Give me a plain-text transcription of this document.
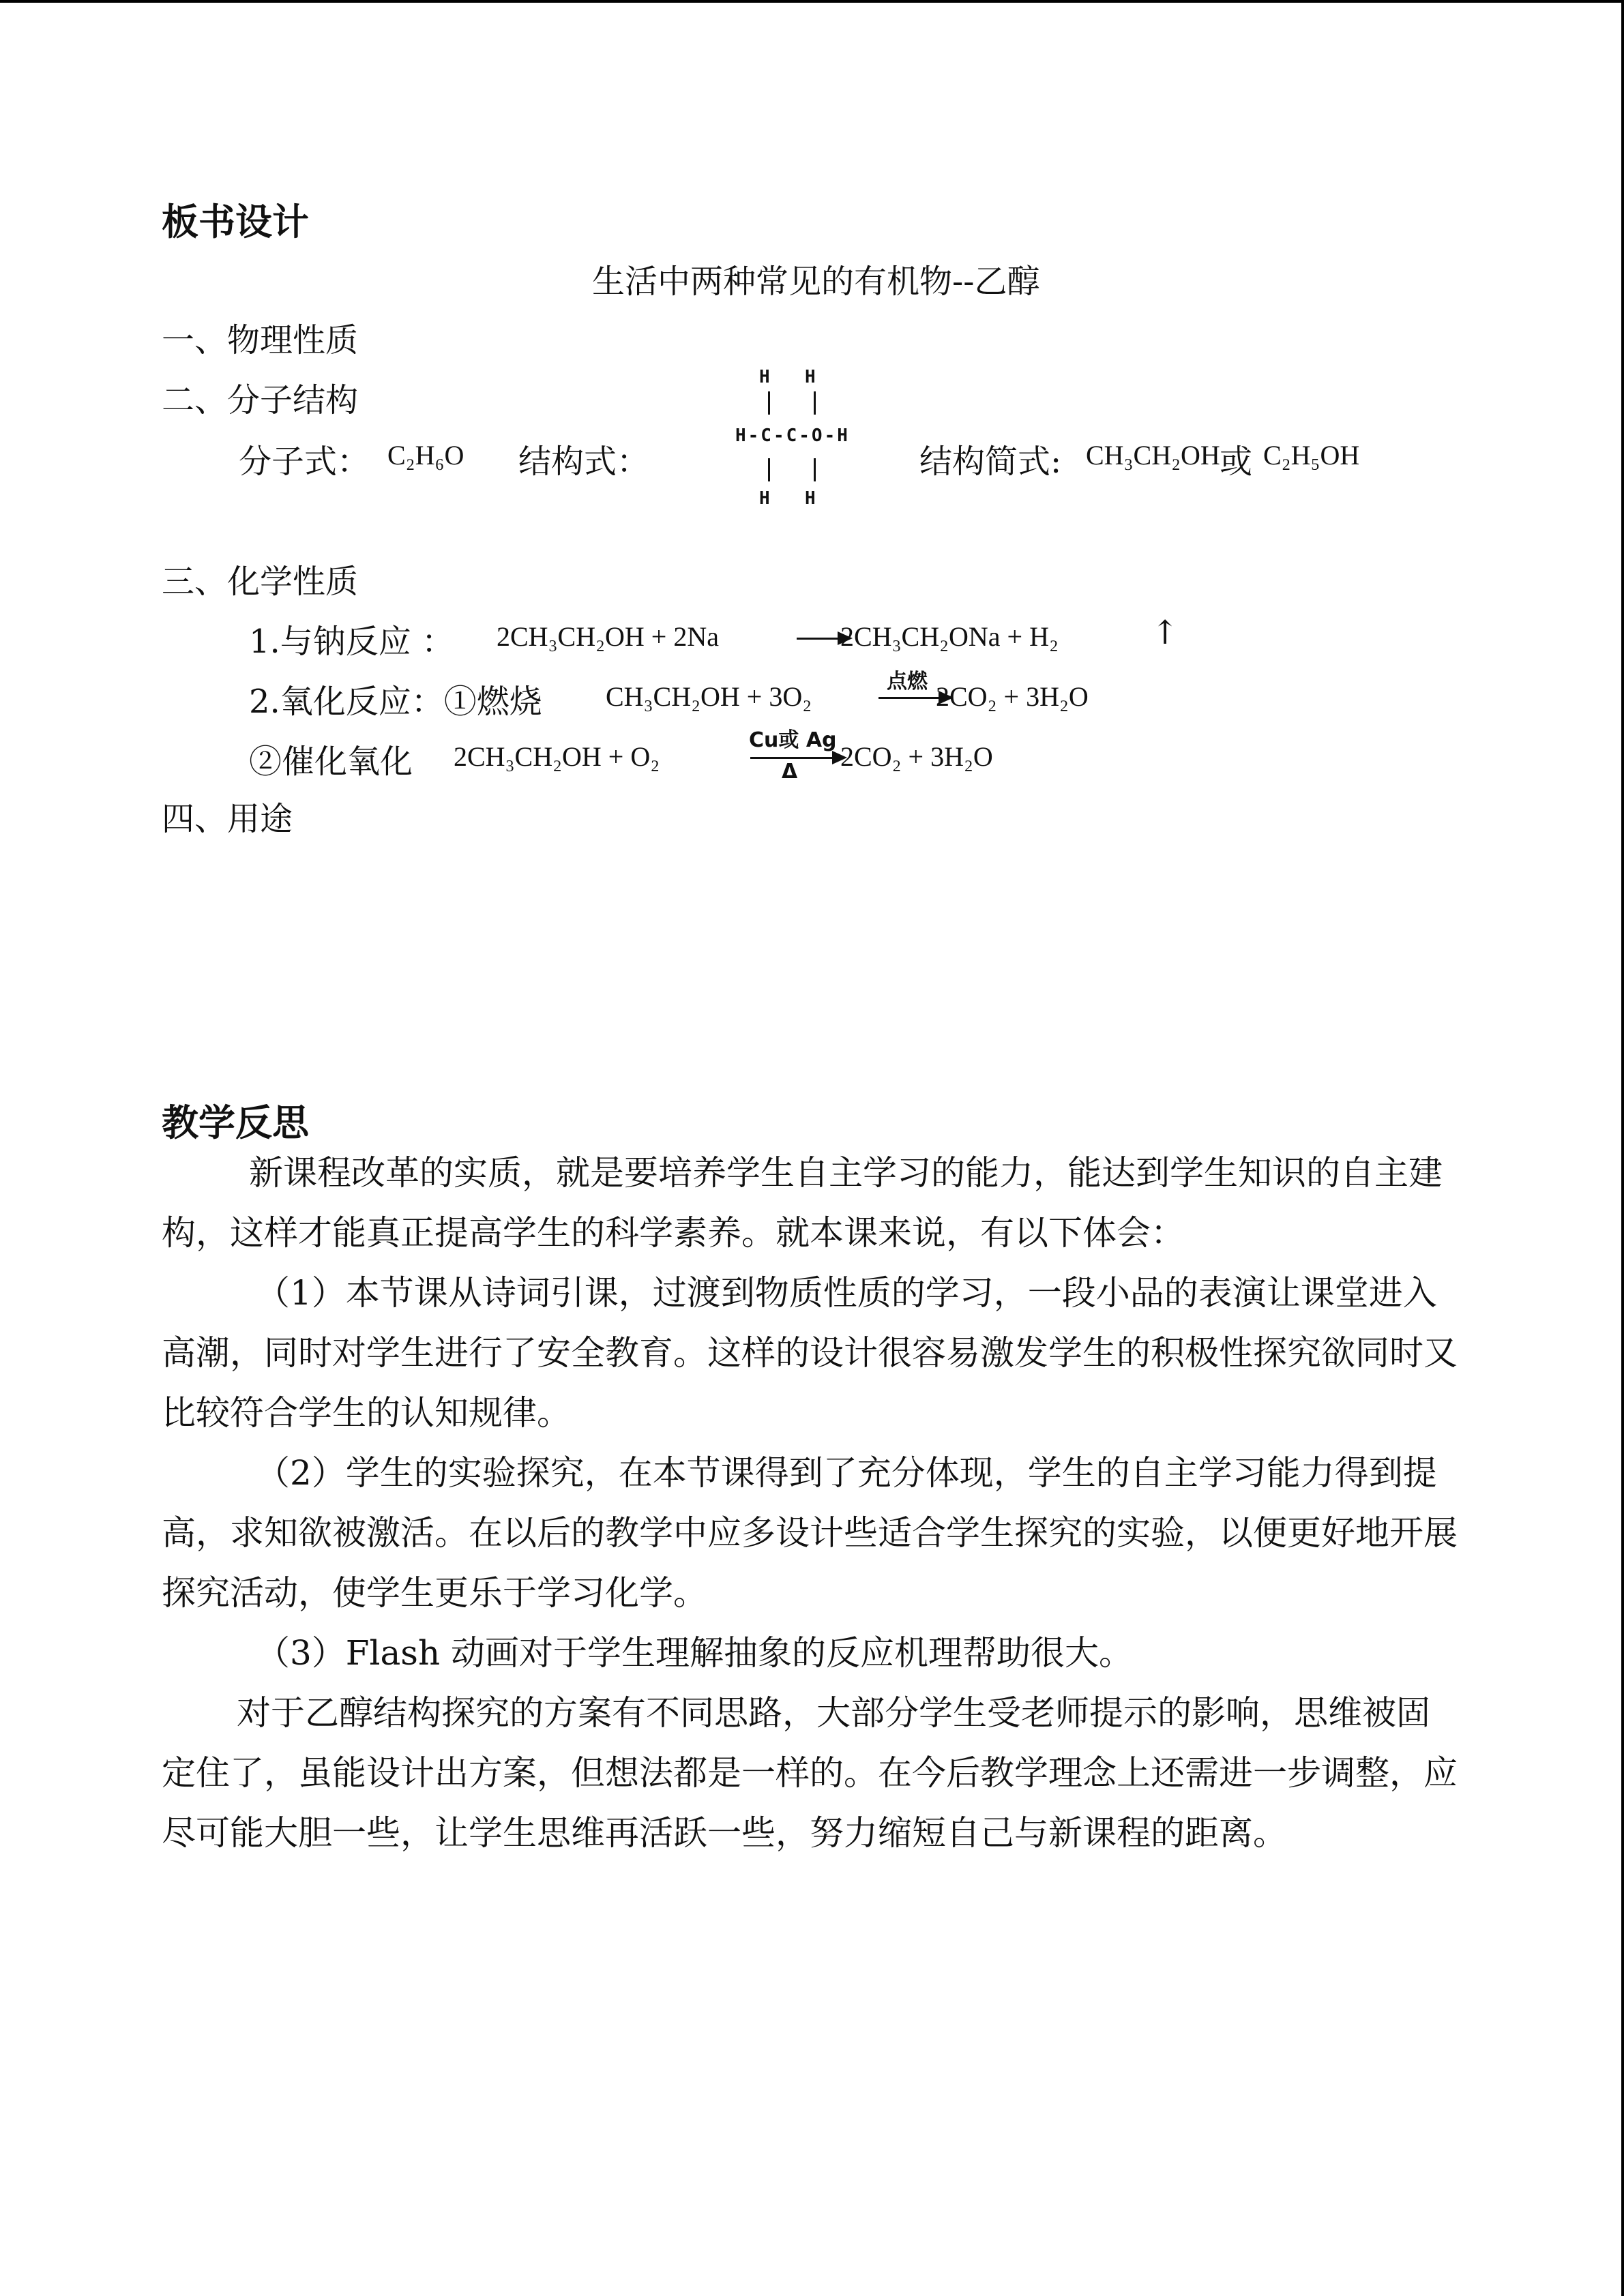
板书设计
生活中两种常见的有机物--乙醇
一、物理性质
二、分子结构
分子式： C₂H₆O 结构式：
H H
H-C-C-O-H
H H
结构简式: CH₃CH₂OH 或 C₂H₅OH
三、化学性质
1.与钠反应 ： 2CH₃CH₂OH + 2Na	2CH₃CH₂ONa + H₂	↑
2.氧化反应：①燃烧 CH₃CH₂OH + 3O₂	点燃 2CO₂ + 3H₂O
②催化氧化 2CH₃CH₂OH + O₂
Cu或 Ag
Δ 2CO₂ + 3H₂O
四、用途
教学反思
新课程改革的实质，就是要培养学生自主学习的能力，能达到学生知识的自主建构，这样才能真正提高学生的科学素养。就本课来说，有以下体会：
（1）本节课从诗词引课，过渡到物质性质的学习，一段小品的表演让课堂进入高潮，同时对学生进行了安全教育。这样的设计很容易激发学生的积极性探究欲同时又比较符合学生的认知规律。
（2）学生的实验探究，在本节课得到了充分体现，学生的自主学习能力得到提高，求知欲被激活。在以后的教学中应多设计些适合学生探究的实验，以便更好地开展探究活动，使学生更乐于学习化学。
（3）Flash 动画对于学生理解抽象的反应机理帮助很大。
对于乙醇结构探究的方案有不同思路，大部分学生受老师提示的影响，思维被固定住了，虽能设计出方案，但想法都是一样的。在今后教学理念上还需进一步调整，应尽可能大胆一些，让学生思维再活跃一些，努力缩短自己与新课程的距离。
